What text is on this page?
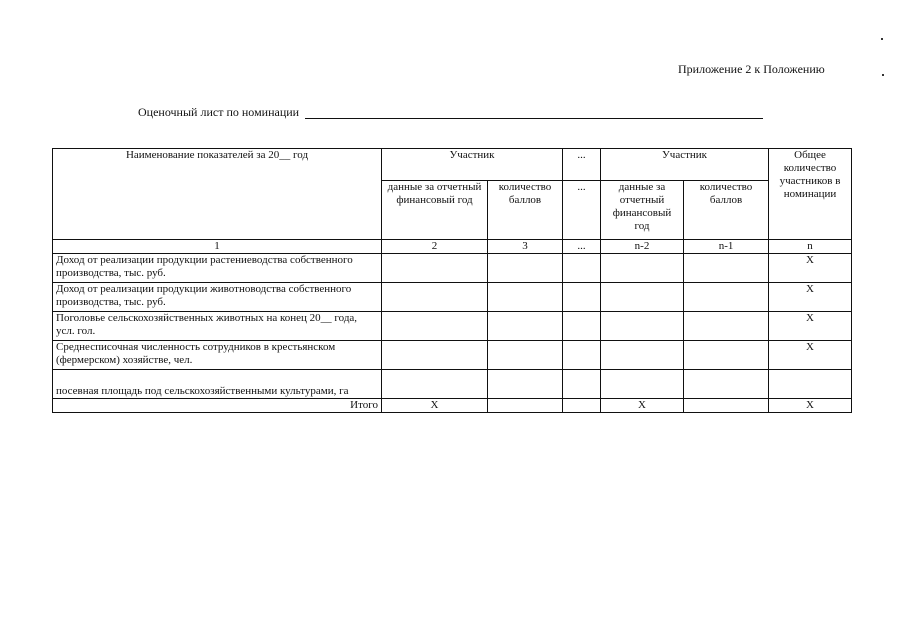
Приложение 2 к Положению
Оценочный лист по номинации
Наименование показателей за 20__ год	Участник		...	Участник		Общее количество участников в номинации
	данные за отчетный финансовый год	количество баллов	...	данные за отчетный финансовый год	количество баллов	
1	2	3	...	n-2	n-1	n
Доход от реализации продукции растениеводства собственного производства, тыс. руб.						X
Доход от реализации продукции животноводства собственного производства, тыс. руб.						X
Поголовье сельскохозяйственных животных на конец 20__ года, усл. гол.						X
Среднесписочная численность сотрудников в крестьянском (фермерском) хозяйстве, чел.						X
посевная площадь под сельскохозяйственными культурами, га						
Итого	X			X		X
